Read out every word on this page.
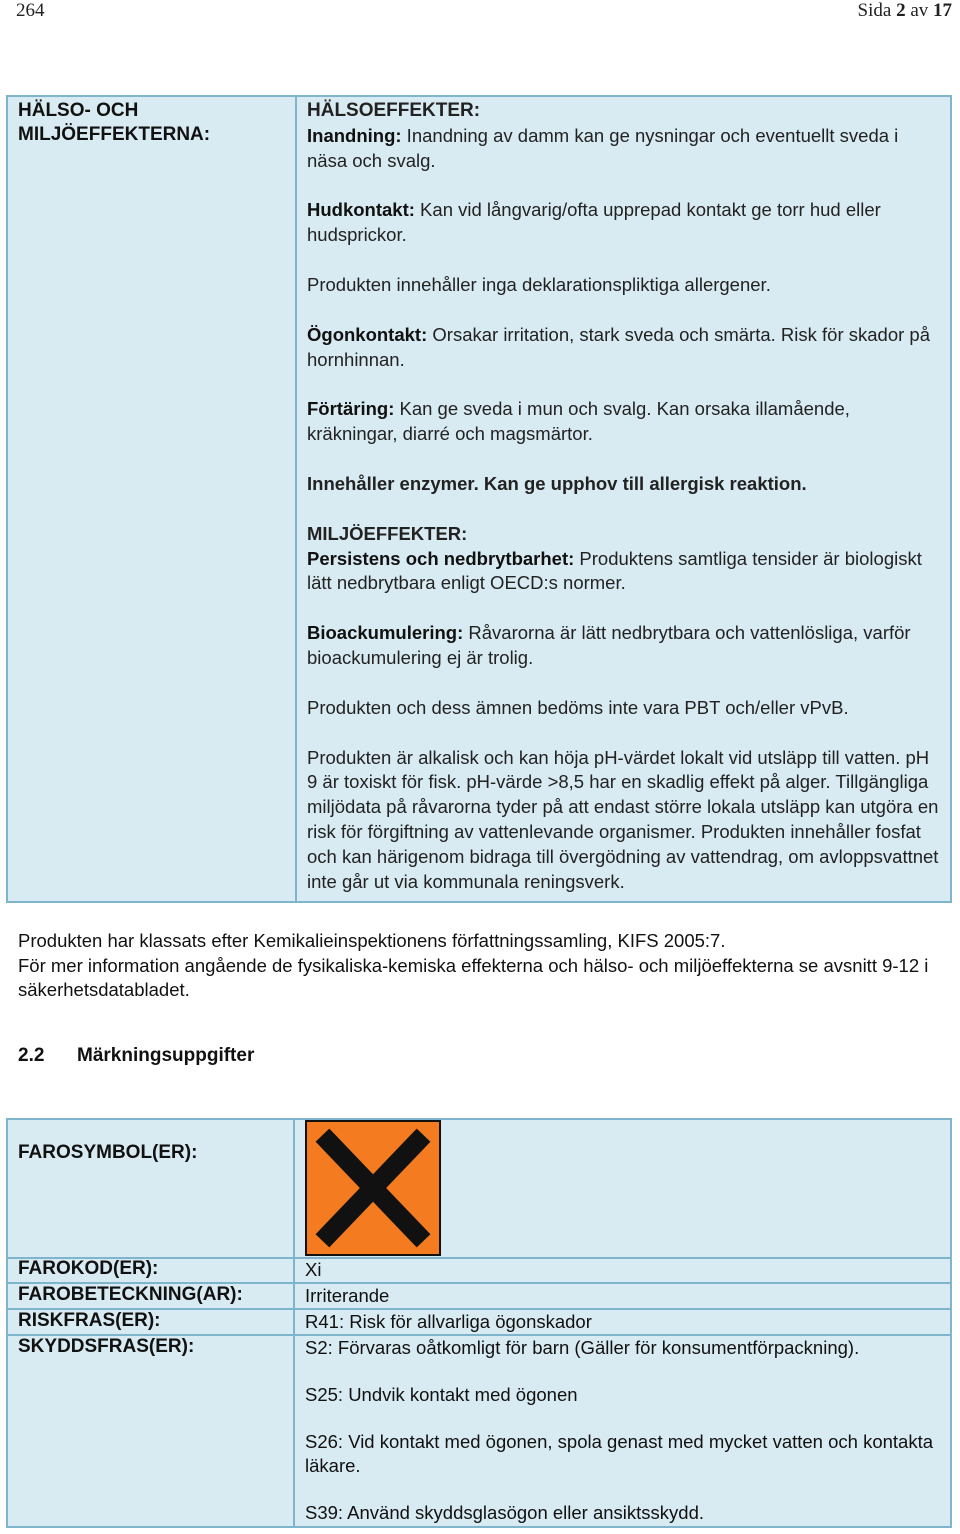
264	Sida 2 av 17
HÄLSO- OCH MILJÖEFFEKTERNA:

HÄLSOEFFEKTER:

Inandning: Inandning av damm kan ge nysningar och eventuellt sveda i näsa och svalg.

Hudkontakt: Kan vid långvarig/ofta upprepad kontakt ge torr hud eller hudsprickor.

Produkten innehåller inga deklarationspliktiga allergener.

Ögonkontakt: Orsakar irritation, stark sveda och smärta. Risk för skador på hornhinnan.

Förtäring: Kan ge sveda i mun och svalg. Kan orsaka illamående, kräkningar, diarré och magsmärtor.

Innehåller enzymer. Kan ge upphov till allergisk reaktion.

MILJÖEFFEKTER:

Persistens och nedbrytbarhet: Produktens samtliga tensider är biologiskt lätt nedbrytbara enligt OECD:s normer.

Bioackumulering: Råvarorna är lätt nedbrytbara och vattenlösliga, varför bioackumulering ej är trolig.

Produkten och dess ämnen bedöms inte vara PBT och/eller vPvB.

Produkten är alkalisk och kan höja pH-värdet lokalt vid utsläpp till vatten. pH 9 är toxiskt för fisk. pH-värde >8,5 har en skadlig effekt på alger. Tillgängliga miljödata på råvarorna tyder på att endast större lokala utsläpp kan utgöra en risk för förgiftning av vattenlevande organismer. Produkten innehåller fosfat och kan härigenom bidraga till övergödning av vattendrag, om avloppsvattnet inte går ut via kommunala reningsverk.

Produkten har klassats efter Kemikalieinspektionens författningssamling, KIFS 2005:7.
För mer information angående de fysikaliska-kemiska effekterna och hälso- och miljöeffekterna se avsnitt 9-12 i säkerhetsdatabladet.
2.2 Märkningsuppgifter
FAROSYMBOL(ER):
FAROKOD(ER):	Xi
FAROBETECKNING(AR):	Irriterande
RISKFRAS(ER):	R41: Risk för allvarliga ögonskador
SKYDDSFRAS(ER):	S2: Förvaras oåtkomligt för barn (Gäller för konsumentförpackning).
S25: Undvik kontakt med ögonen
S26: Vid kontakt med ögonen, spola genast med mycket vatten och kontakta läkare.
S39: Använd skyddsglasögon eller ansiktsskydd.
